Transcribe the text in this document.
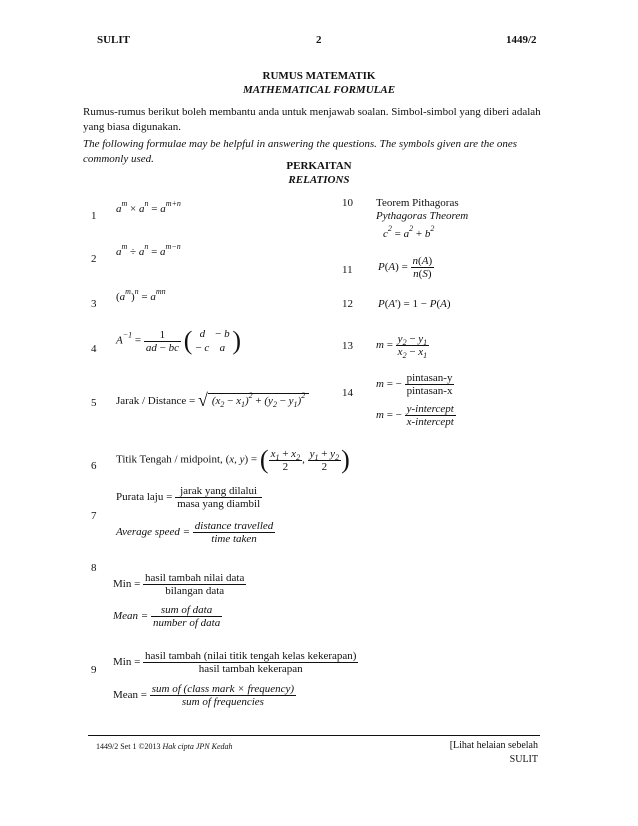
SULIT	2	1449/2
RUMUS MATEMATIK
MATHEMATICAL FORMULAE
Rumus-rumus berikut boleh membantu anda untuk menjawab soalan. Simbol-simbol yang diberi adalah yang biasa digunakan.
The following formulae may be helpful in answering the questions. The symbols given are the ones commonly used.
PERKAITAN
RELATIONS
1
2
3
4
5
6
7
8
9
10
11
12
13
14
$a^m \times a^n = a^{m+n}$
$a^m \div a^n = a^{m-n}$
$(a^m)^n = a^{mn}$
$A^{-1} = \frac{1}{ad - bc}$ ( d − b
− c a )
Jarak / Distance = √ $(x_2 - x_1)^2 + (y_2 - y_1)^2$
Titik Tengah / midpoint, (x, y) = ( $\frac{x_1 + x_2}{2}$ , $\frac{y_1 + y_2}{2}$ )
Purata laju =
jarak yang dilalui
masa yang diambil
Average speed =
distance travelled
time taken
Min =
hasil tambah nilai data
bilangan data
Mean =
sum of data
number of data
Min =
hasil tambah (nilai titik tengah kelas kekerapan)
hasil tambah kekerapan
Mean =
sum of (class mark × frequency)
sum of frequencies
Teorem Pithagoras
Pythagoras Theorem
$c^2 = a^2 + b^2$
$P(A) = \frac{n(A)}{n(S)}$
P(A') = 1 − P(A)
$m = \frac{y_2 - y_1}{x_2 - x_1}$
m = −
pintasan-y
pintasan-x
m = −
y-intercept
x-intercept
1449/2 Set 1 ©2013 Hak cipta JPN Kedah	[Lihat helaian sebelah
SULIT
